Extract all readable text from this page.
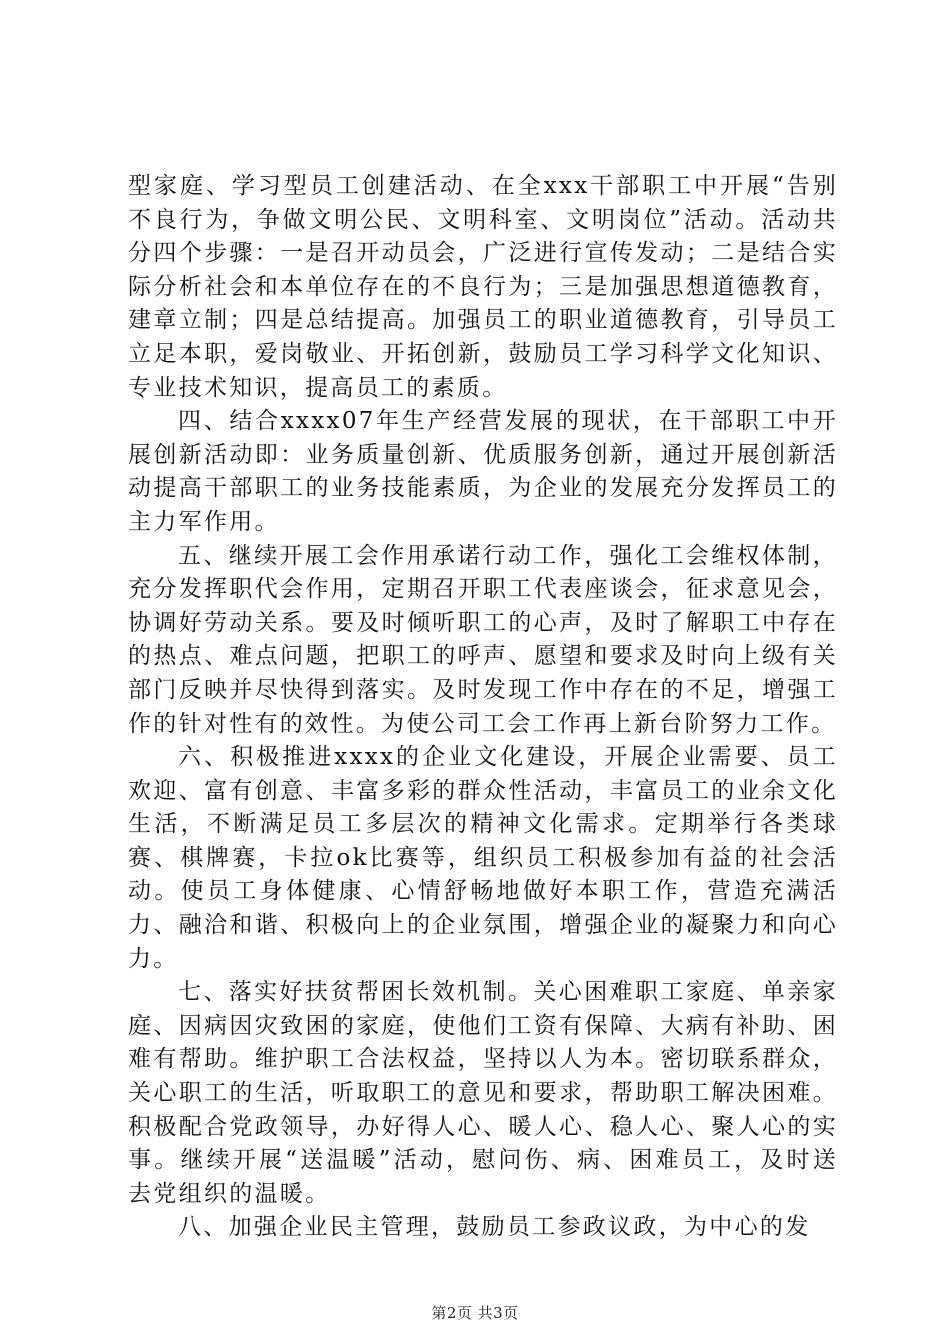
型家庭、学习型员工创建活动、在全xxx干部职工中开展“告别不良行为，争做文明公民、文明科室、文明岗位”活动。活动共分四个步骤：一是召开动员会，广泛进行宣传发动；二是结合实际分析社会和本单位存在的不良行为；三是加强思想道德教育，建章立制；四是总结提高。加强员工的职业道德教育，引导员工立足本职，爱岗敬业、开拓创新，鼓励员工学习科学文化知识、专业技术知识，提高员工的素质。

四、结合xxxx07年生产经营发展的现状，在干部职工中开展创新活动即：业务质量创新、优质服务创新，通过开展创新活动提高干部职工的业务技能素质，为企业的发展充分发挥员工的主力军作用。

五、继续开展工会作用承诺行动工作，强化工会维权体制，充分发挥职代会作用，定期召开职工代表座谈会，征求意见会，协调好劳动关系。要及时倾听职工的心声，及时了解职工中存在的热点、难点问题，把职工的呼声、愿望和要求及时向上级有关部门反映并尽快得到落实。及时发现工作中存在的不足，增强工作的针对性有的效性。为使公司工会工作再上新台阶努力工作。

六、积极推进xxxx的企业文化建设，开展企业需要、员工欢迎、富有创意、丰富多彩的群众性活动，丰富员工的业余文化生活，不断满足员工多层次的精神文化需求。定期举行各类球赛、棋牌赛，卡拉ok比赛等，组织员工积极参加有益的社会活动。使员工身体健康、心情舒畅地做好本职工作，营造充满活力、融洽和谐、积极向上的企业氛围，增强企业的凝聚力和向心力。

七、落实好扶贫帮困长效机制。关心困难职工家庭、单亲家庭、因病因灾致困的家庭，使他们工资有保障、大病有补助、困难有帮助。维护职工合法权益，坚持以人为本。密切联系群众，关心职工的生活，听取职工的意见和要求，帮助职工解决困难。积极配合党政领导，办好得人心、暖人心、稳人心、聚人心的实事。继续开展“送温暖”活动，慰问伤、病、困难员工，及时送去党组织的温暖。

八、加强企业民主管理，鼓励员工参政议政，为中心的发

第2页 共3页
